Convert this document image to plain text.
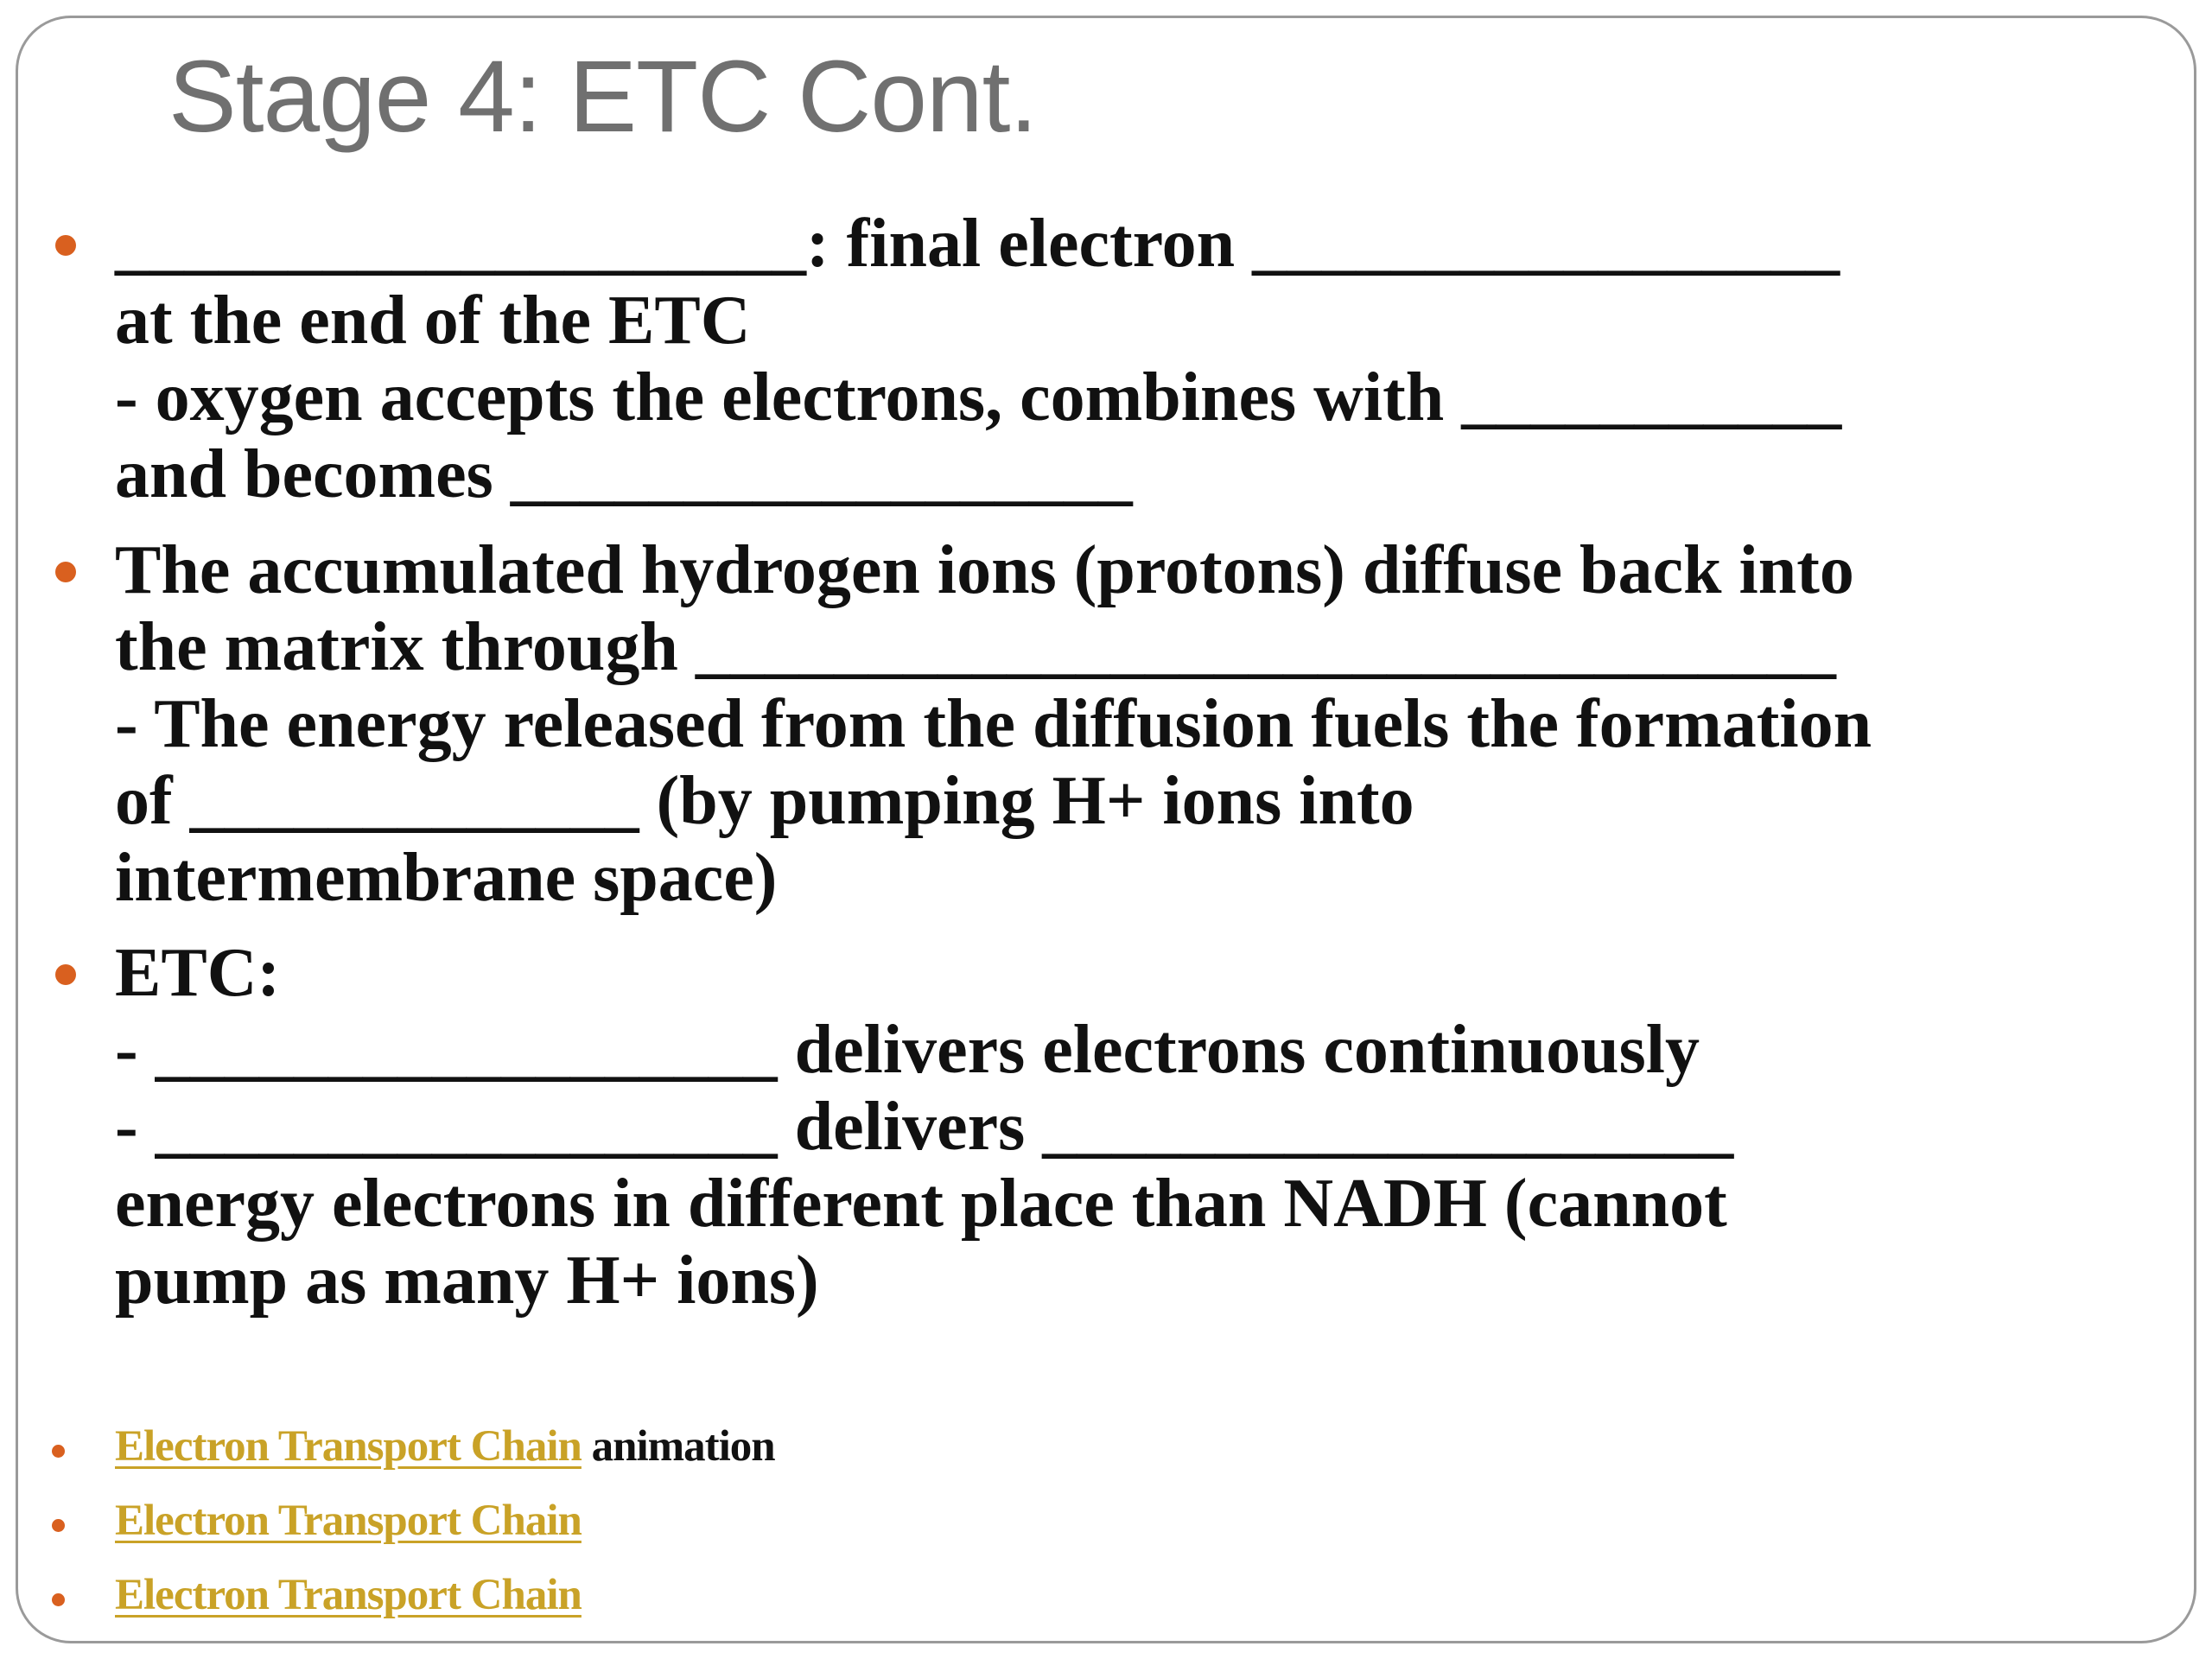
Stage 4: ETC Cont.
____________________: final electron _________________
at the end of the ETC
- oxygen accepts the electrons, combines with ___________
and becomes __________________
The accumulated hydrogen ions (protons) diffuse back into
the matrix through _________________________________
- The energy released from the diffusion fuels the formation
of _____________ (by pumping H+ ions into
intermembrane space)
ETC:
- __________________ delivers electrons continuously
- __________________ delivers ____________________
energy electrons in different place than NADH (cannot
pump as many H+ ions)
Electron Transport Chain animation
Electron Transport Chain
Electron Transport Chain
